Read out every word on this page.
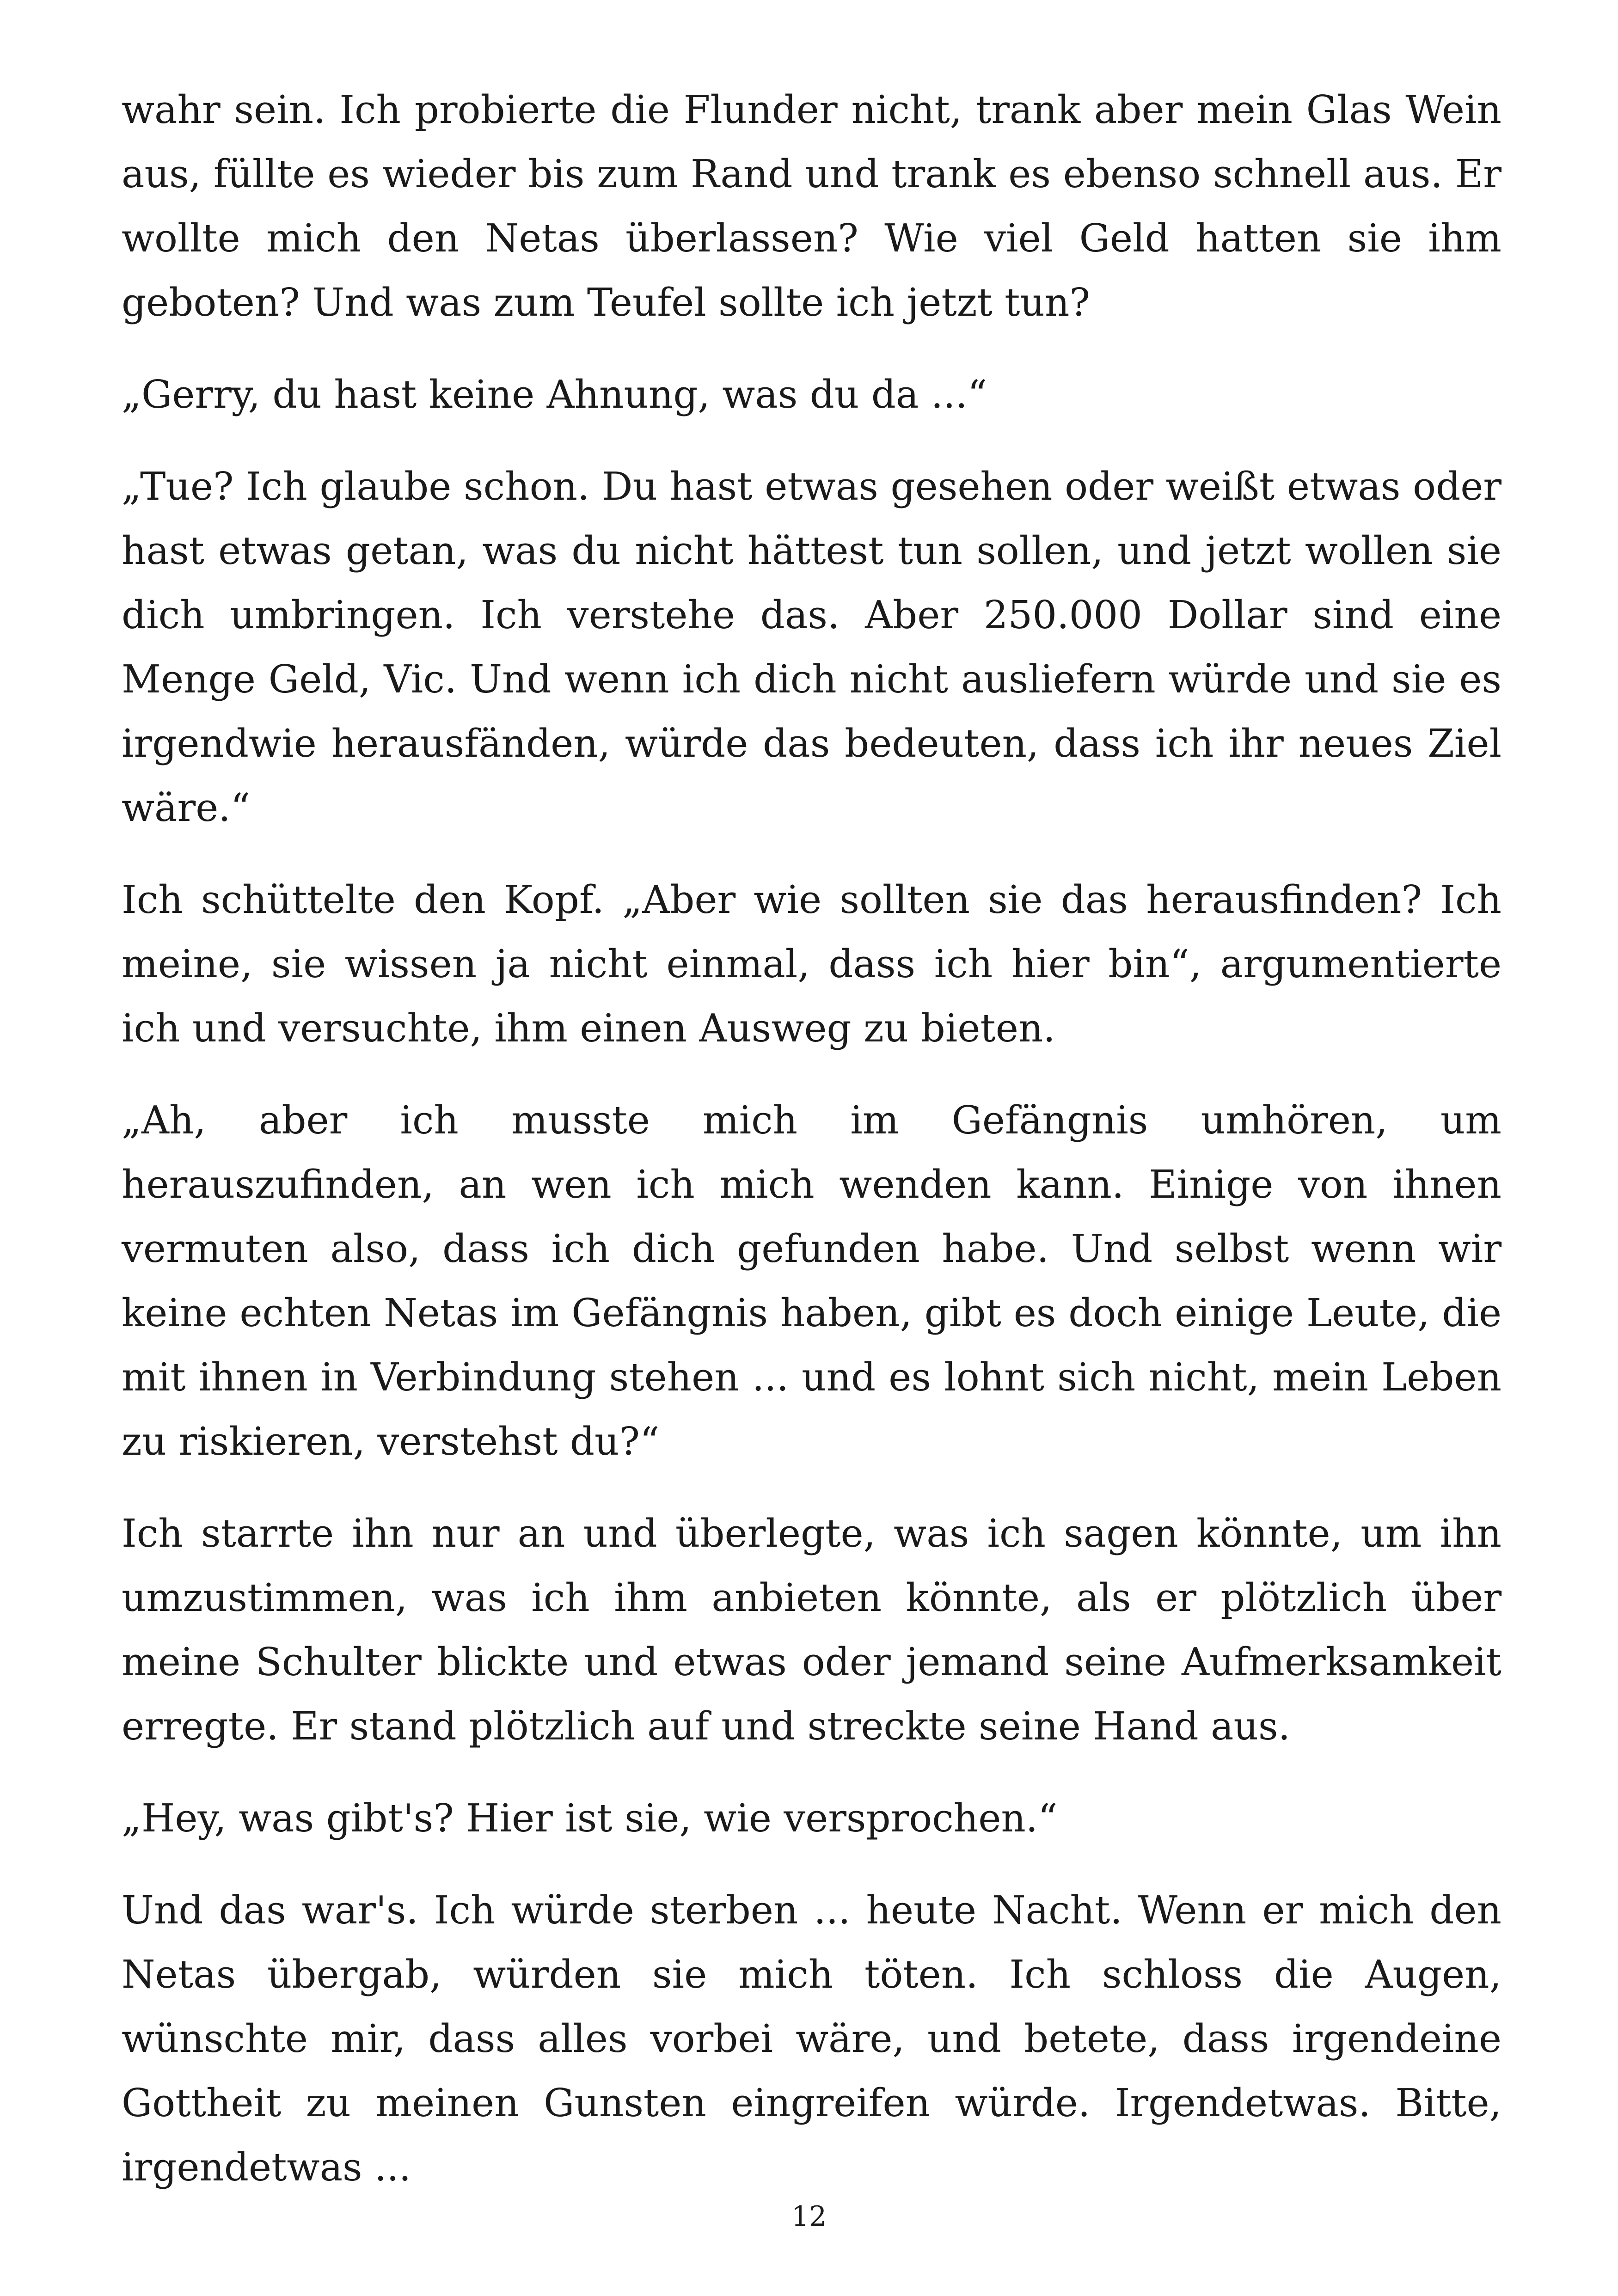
wahr sein. Ich probierte die Flunder nicht, trank aber mein Glas Wein aus, füllte es wieder bis zum Rand und trank es ebenso schnell aus. Er wollte mich den Netas überlassen? Wie viel Geld hatten sie ihm geboten? Und was zum Teufel sollte ich jetzt tun?

„Gerry, du hast keine Ahnung, was du da ...“

„Tue? Ich glaube schon. Du hast etwas gesehen oder weißt etwas oder hast etwas getan, was du nicht hättest tun sollen, und jetzt wollen sie dich umbringen. Ich verstehe das. Aber 250.000 Dollar sind eine Menge Geld, Vic. Und wenn ich dich nicht ausliefern würde und sie es irgendwie herausfänden, würde das bedeuten, dass ich ihr neues Ziel wäre.“

Ich schüttelte den Kopf. „Aber wie sollten sie das herausfinden? Ich meine, sie wissen ja nicht einmal, dass ich hier bin“, argumentierte ich und versuchte, ihm einen Ausweg zu bieten.

„Ah, aber ich musste mich im Gefängnis umhören, um herauszufinden, an wen ich mich wenden kann. Einige von ihnen vermuten also, dass ich dich gefunden habe. Und selbst wenn wir keine echten Netas im Gefängnis haben, gibt es doch einige Leute, die mit ihnen in Verbindung stehen ... und es lohnt sich nicht, mein Leben zu riskieren, verstehst du?“

Ich starrte ihn nur an und überlegte, was ich sagen könnte, um ihn umzustimmen, was ich ihm anbieten könnte, als er plötzlich über meine Schulter blickte und etwas oder jemand seine Aufmerksamkeit erregte. Er stand plötzlich auf und streckte seine Hand aus.

„Hey, was gibt's? Hier ist sie, wie versprochen.“

Und das war's. Ich würde sterben ... heute Nacht. Wenn er mich den Netas übergab, würden sie mich töten. Ich schloss die Augen, wünschte mir, dass alles vorbei wäre, und betete, dass irgendeine Gottheit zu meinen Gunsten eingreifen würde. Irgendetwas. Bitte, irgendetwas ...

12
